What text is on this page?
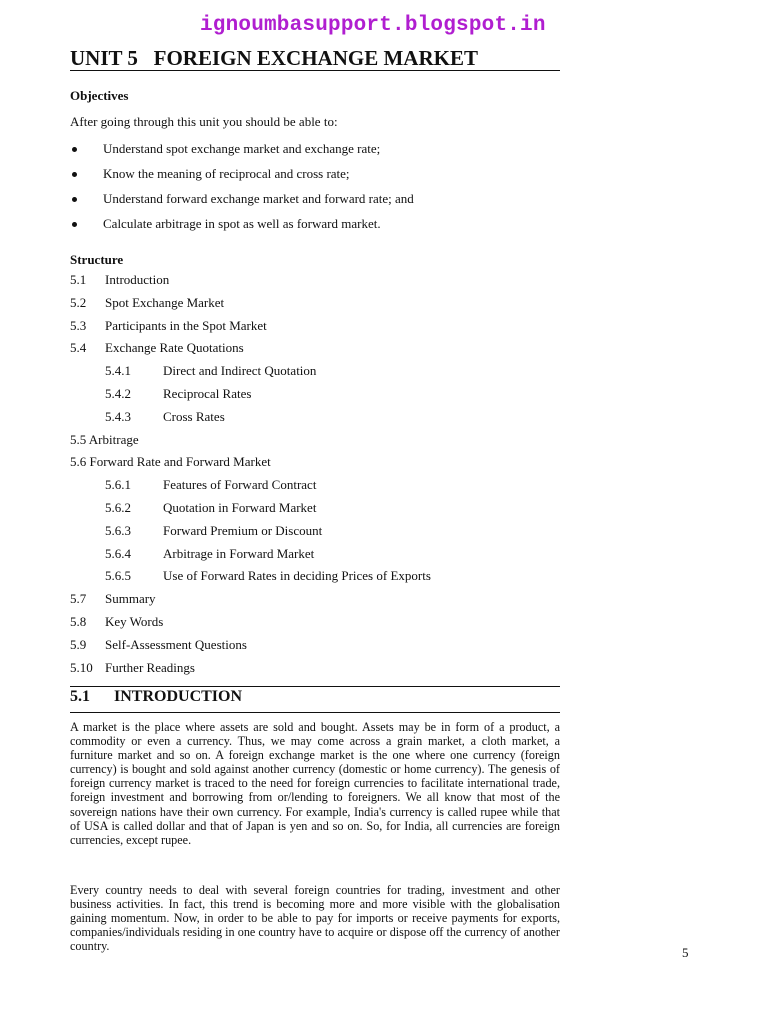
ignoumbasupport.blogspot.in
UNIT 5   FOREIGN EXCHANGE MARKET
Objectives
After going through this unit you should be able to:
Understand spot exchange market and exchange rate;
Know the meaning of reciprocal and cross rate;
Understand forward exchange market and forward rate; and
Calculate arbitrage in spot as well as forward market.
Structure
5.1 Introduction
5.2 Spot Exchange Market
5.3 Participants in the Spot Market
5.4 Exchange Rate Quotations
5.4.1 Direct and Indirect Quotation
5.4.2 Reciprocal Rates
5.4.3 Cross Rates
5.5 Arbitrage
5.6 Forward Rate and Forward Market
5.6.1 Features of Forward Contract
5.6.2 Quotation in Forward Market
5.6.3 Forward Premium or Discount
5.6.4 Arbitrage in Forward Market
5.6.5 Use of Forward Rates in deciding Prices of Exports
5.7 Summary
5.8 Key Words
5.9 Self-Assessment Questions
5.10 Further Readings
5.1      INTRODUCTION

A market is the place where assets are sold and bought. Assets may be in form of a product, a commodity or even a currency. Thus, we may come across a grain market, a cloth market, a furniture market and so on. A foreign exchange market is the one where one currency (foreign currency) is bought and sold against another currency (domestic or home currency). The genesis of foreign currency market is traced to the need for foreign currencies to facilitate international trade, foreign investment and borrowing from or/lending to foreigners. We all know that most of the sovereign nations have their own currency. For example, India's currency is called rupee while that of USA is called dollar and that of Japan is yen and so on. So, for India, all currencies are foreign currencies, except rupee.

Every country needs to deal with several foreign countries for trading, investment and other business activities. In fact, this trend is becoming more and more visible with the globalisation gaining momentum. Now, in order to be able to pay for imports or receive payments for exports, companies/individuals residing in one country have to acquire or dispose off the currency of another country.	5
